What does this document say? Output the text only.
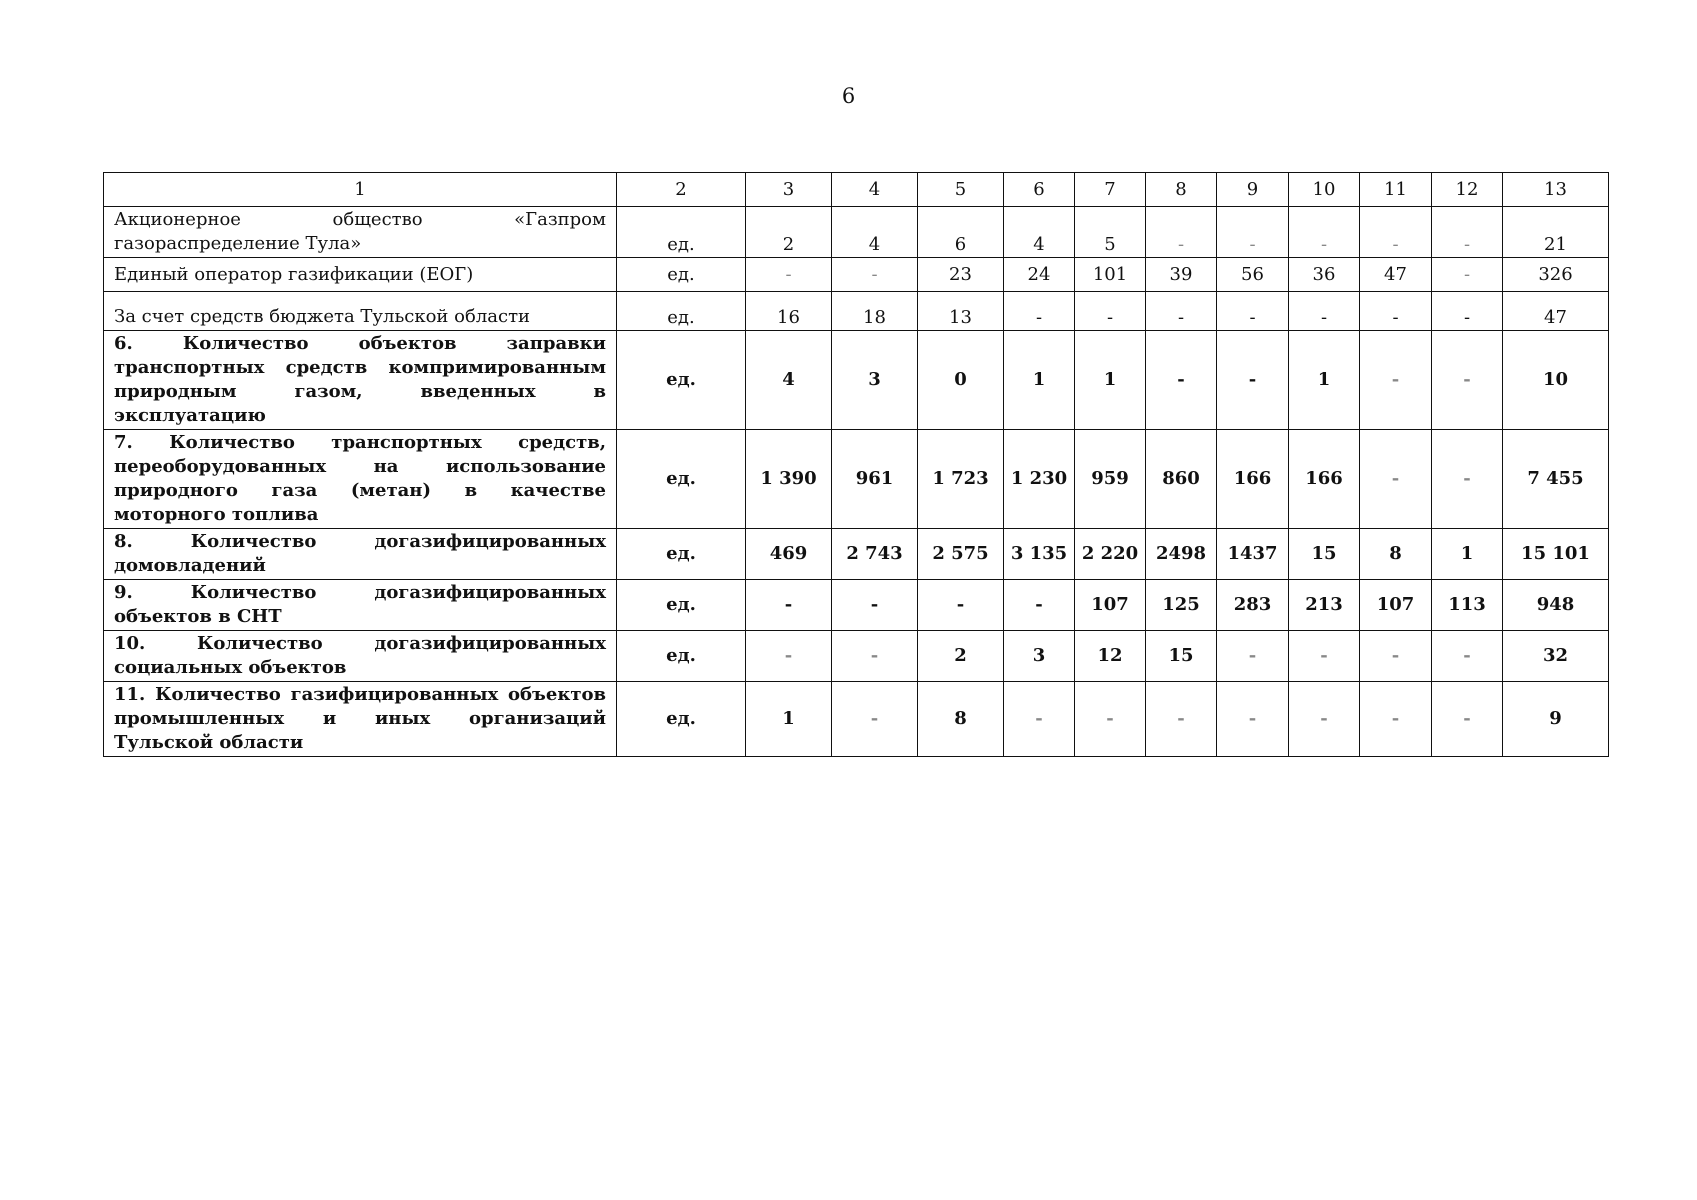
6
1	2	3	4	5	6	7	8	9	10	11	12	13
Акционерное общество «Газпром газораспределение Тула»	ед.	2	4	6	4	5	-	-	-	-	-	21
Единый оператор газификации (ЕОГ)	ед.	-	-	23	24	101	39	56	36	47	-	326
За счет средств бюджета Тульской области	ед.	16	18	13	-	-	-	-	-	-	-	47
6. Количество объектов заправки транспортных средств компримированным природным газом, введенных в эксплуатацию	ед.	4	3	0	1	1	-	-	1	-	-	10
7. Количество транспортных средств, переоборудованных на использование природного газа (метан) в качестве моторного топлива	ед.	1 390	961	1 723	1 230	959	860	166	166	-	-	7 455
8. Количество догазифицированных домовладений	ед.	469	2 743	2 575	3 135	2 220	2498	1437	15	8	1	15 101
9. Количество догазифицированных объектов в СНТ	ед.	-	-	-	-	107	125	283	213	107	113	948
10. Количество догазифицированных социальных объектов	ед.	-	-	2	3	12	15	-	-	-	-	32
11. Количество газифицированных объектов промышленных и иных организаций Тульской области	ед.	1	-	8	-	-	-	-	-	-	-	9
